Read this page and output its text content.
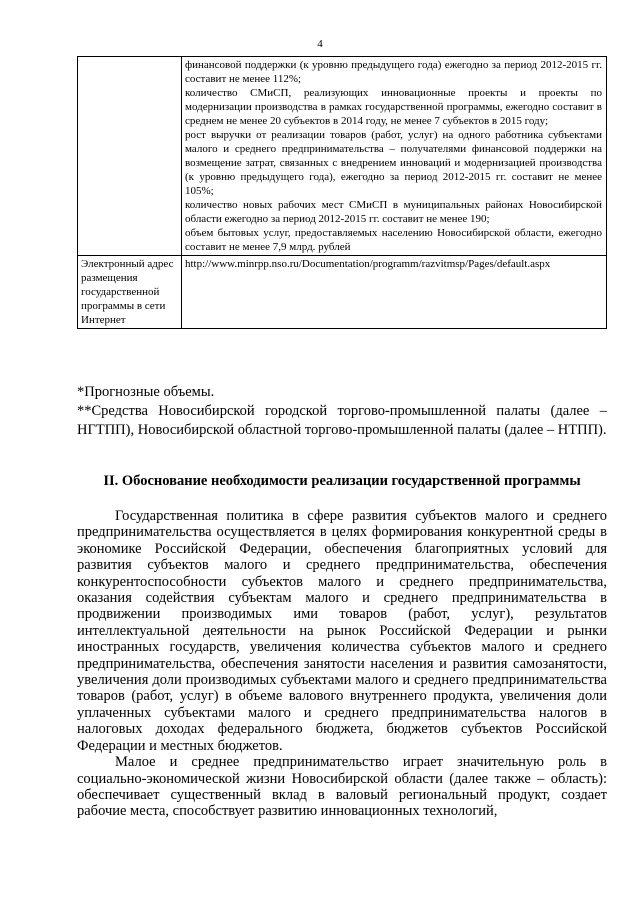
4

	финансовой поддержки (к уровню предыдущего года) ежегодно за период 2012-2015 гг. составит не менее 112%;

количество СМиСП, реализующих инновационные проекты и проекты по модернизации производства в рамках государственной программы, ежегодно составит в среднем не менее 20 субъектов в 2014 году, не менее 7 субъектов в 2015 году;

рост выручки от реализации товаров (работ, услуг) на одного работника субъектами малого и среднего предпринимательства – получателями финансовой поддержки на возмещение затрат, связанных с внедрением инноваций и модернизацией производства (к уровню предыдущего года), ежегодно за период 2012-2015 гг. составит не менее 105%;

количество новых рабочих мест СМиСП в муниципальных районах Новосибирской области ежегодно за период 2012-2015 гг. составит не менее 190;

объем бытовых услуг, предоставляемых населению Новосибирской области, ежегодно составит не менее 7,9 млрд. рублей

Электронный адрес размещения государственной программы в сети Интернет	http://www.minrpp.nso.ru/Documentation/programm/razvitmsp/Pages/default.aspx

*Прогнозные объемы.

**Средства Новосибирской городской торгово-промышленной палаты (далее – НГТПП), Новосибирской областной торгово-промышленной палаты (далее – НТПП).

II. Обоснование необходимости реализации государственной программы

Государственная политика в сфере развития субъектов малого и среднего предпринимательства осуществляется в целях формирования конкурентной среды в экономике Российской Федерации, обеспечения благоприятных условий для развития субъектов малого и среднего предпринимательства, обеспечения конкурентоспособности субъектов малого и среднего предпринимательства, оказания содействия субъектам малого и среднего предпринимательства в продвижении производимых ими товаров (работ, услуг), результатов интеллектуальной деятельности на рынок Российской Федерации и рынки иностранных государств, увеличения количества субъектов малого и среднего предпринимательства, обеспечения занятости населения и развития самозанятости, увеличения доли производимых субъектами малого и среднего предпринимательства товаров (работ, услуг) в объеме валового внутреннего продукта, увеличения доли уплаченных субъектами малого и среднего предпринимательства налогов в налоговых доходах федерального бюджета, бюджетов субъектов Российской Федерации и местных бюджетов.

Малое и среднее предпринимательство играет значительную роль в социально-экономической жизни Новосибирской области (далее также – область): обеспечивает существенный вклад в валовый региональный продукт, создает рабочие места, способствует развитию инновационных технологий,
